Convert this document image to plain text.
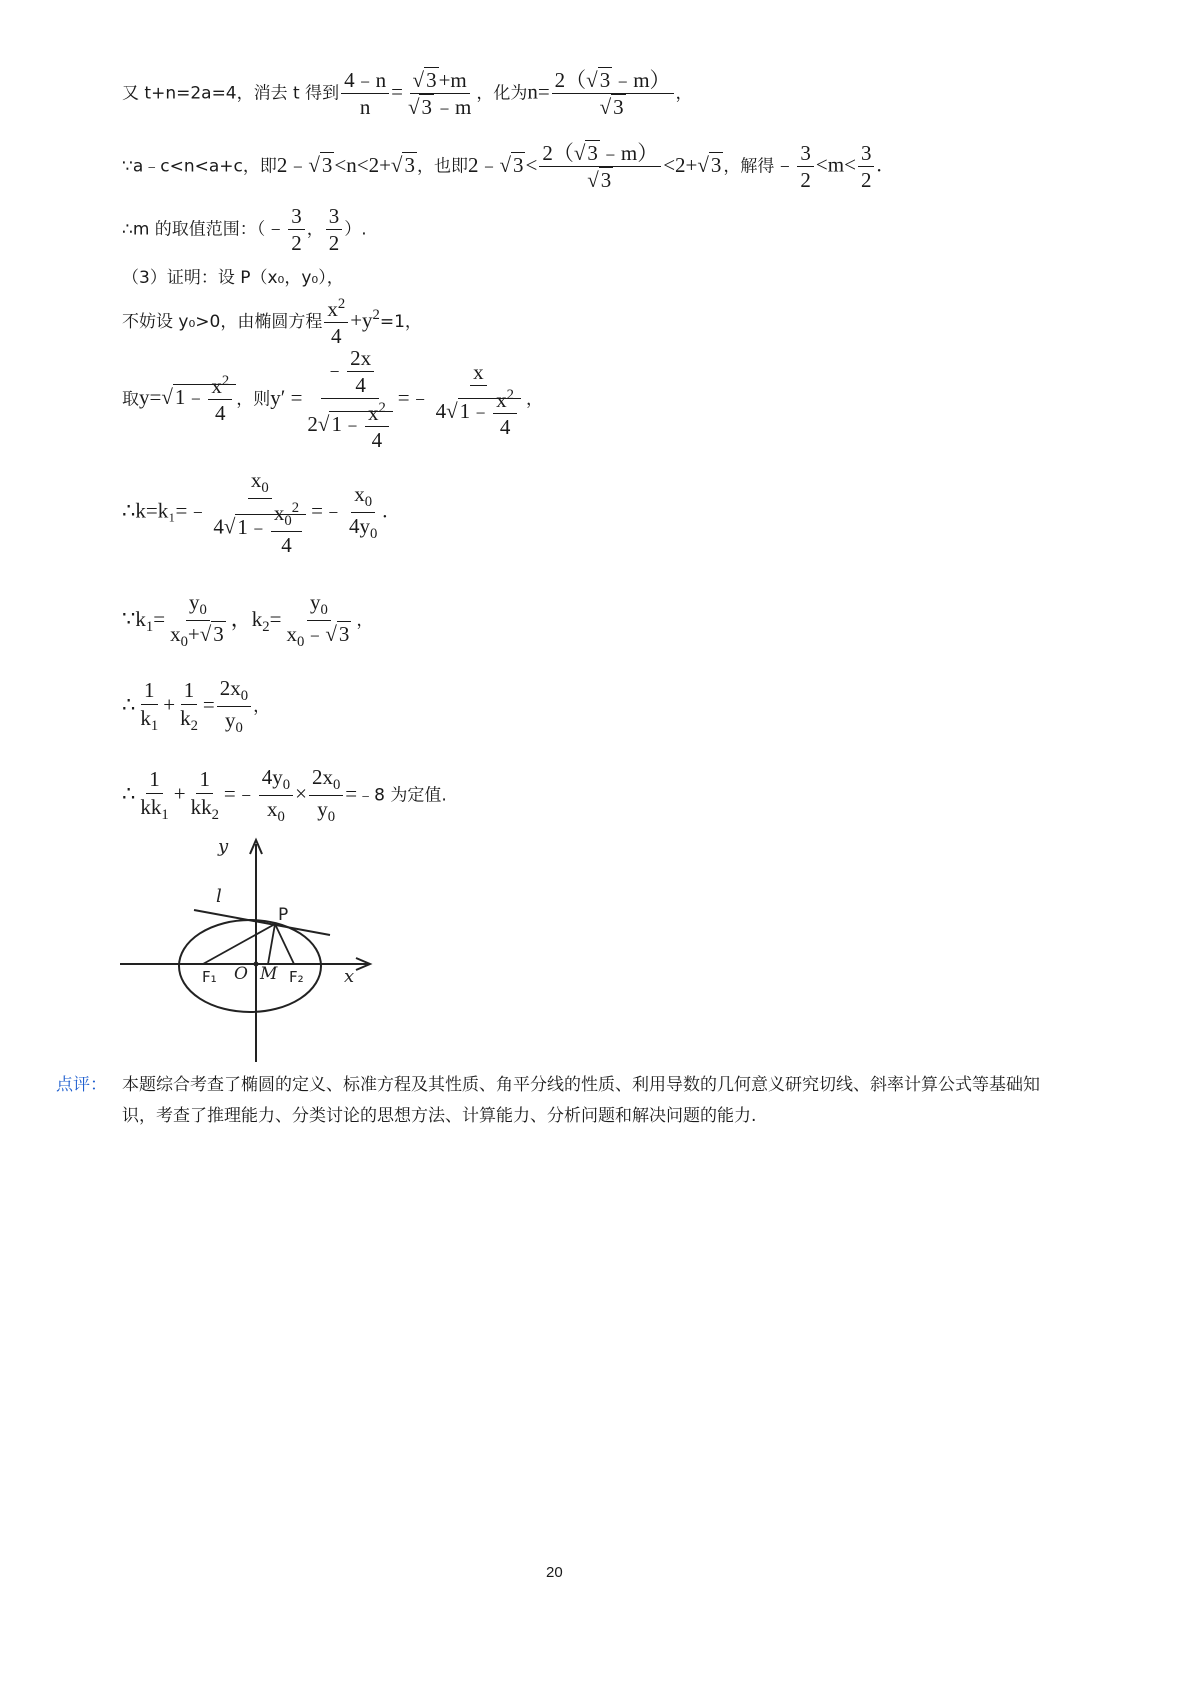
又 t+n=2a=4，消去 t 得到 $\frac{4﹣n}{n} = \frac{√3+m}{√3﹣m}$ ，化为$n= \frac{2(√3﹣m)}{√3}$ ，
∵a﹣c<n<a+c，即2﹣√3<n<2+√3 ，也即2﹣√3< $\frac{2(√3﹣m)}{√3} <2+√3$ ，解得﹣ $\frac{3}{2} <m< \frac{3}{2}$ .
∴m 的取值范围：（﹣ $\frac{3}{2}$ ， $\frac{3}{2}$ ）.
（3）证明：设 P（x₀，y₀），
不妨设 y₀>0，由椭圆方程 $\frac{x^2}{4} +y^2=1$，
取y=√1﹣ $\frac{x^2}{4}$ ，则$y' = \frac{﹣ \frac{2x}{4}}{2√1﹣ \frac{x^2}{4}}$ =﹣ $\frac{x}{4√1﹣ \frac{x^2}{4}}$ ，
∴k=k₁=﹣ $\frac{x_0}{4√1﹣ \frac{x_0^2}{4}}$ =﹣ $\frac{x_0}{4y_0}$ .
$\because k_1= \frac{y_0}{x_0+√3}$ ，$k_2= \frac{y_0}{x_0﹣√3}$ ，
∴ $\frac{1}{k_1} + \frac{1}{k_2} = \frac{2x_0}{y_0}$ ，
∴ $\frac{1}{kk_1} + \frac{1}{kk_2}$ =﹣ $\frac{4y_0}{x_0} \times \frac{2x_0}{y_0}$ =﹣8 为定值.
y
x
l
P
F₁ O M F₂
点评： 本题综合考查了椭圆的定义、标准方程及其性质、角平分线的性质、利用导数的几何意义研究切线、斜率计算公式等基础知识，考查了推理能力、分类讨论的思想方法、计算能力、分析问题和解决问题的能力.
20
